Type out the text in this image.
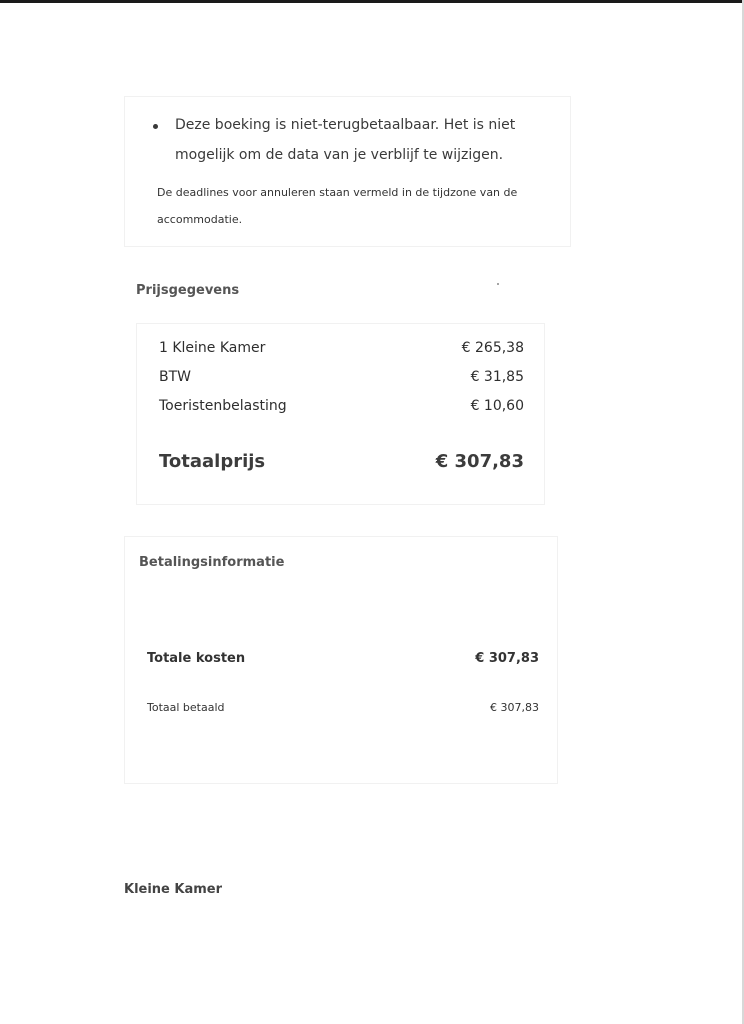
Deze boeking is niet-terugbetaalbaar. Het is niet mogelijk om de data van je verblijf te wijzigen.
De deadlines voor annuleren staan vermeld in de tijdzone van de accommodatie.
Prijsgegevens
1 Kleine Kamer	€ 265,38
BTW	€ 31,85
Toeristenbelasting	€ 10,60
Totaalprijs	€ 307,83
Betalingsinformatie
Totale kosten	€ 307,83
Totaal betaald	€ 307,83
Kleine Kamer
